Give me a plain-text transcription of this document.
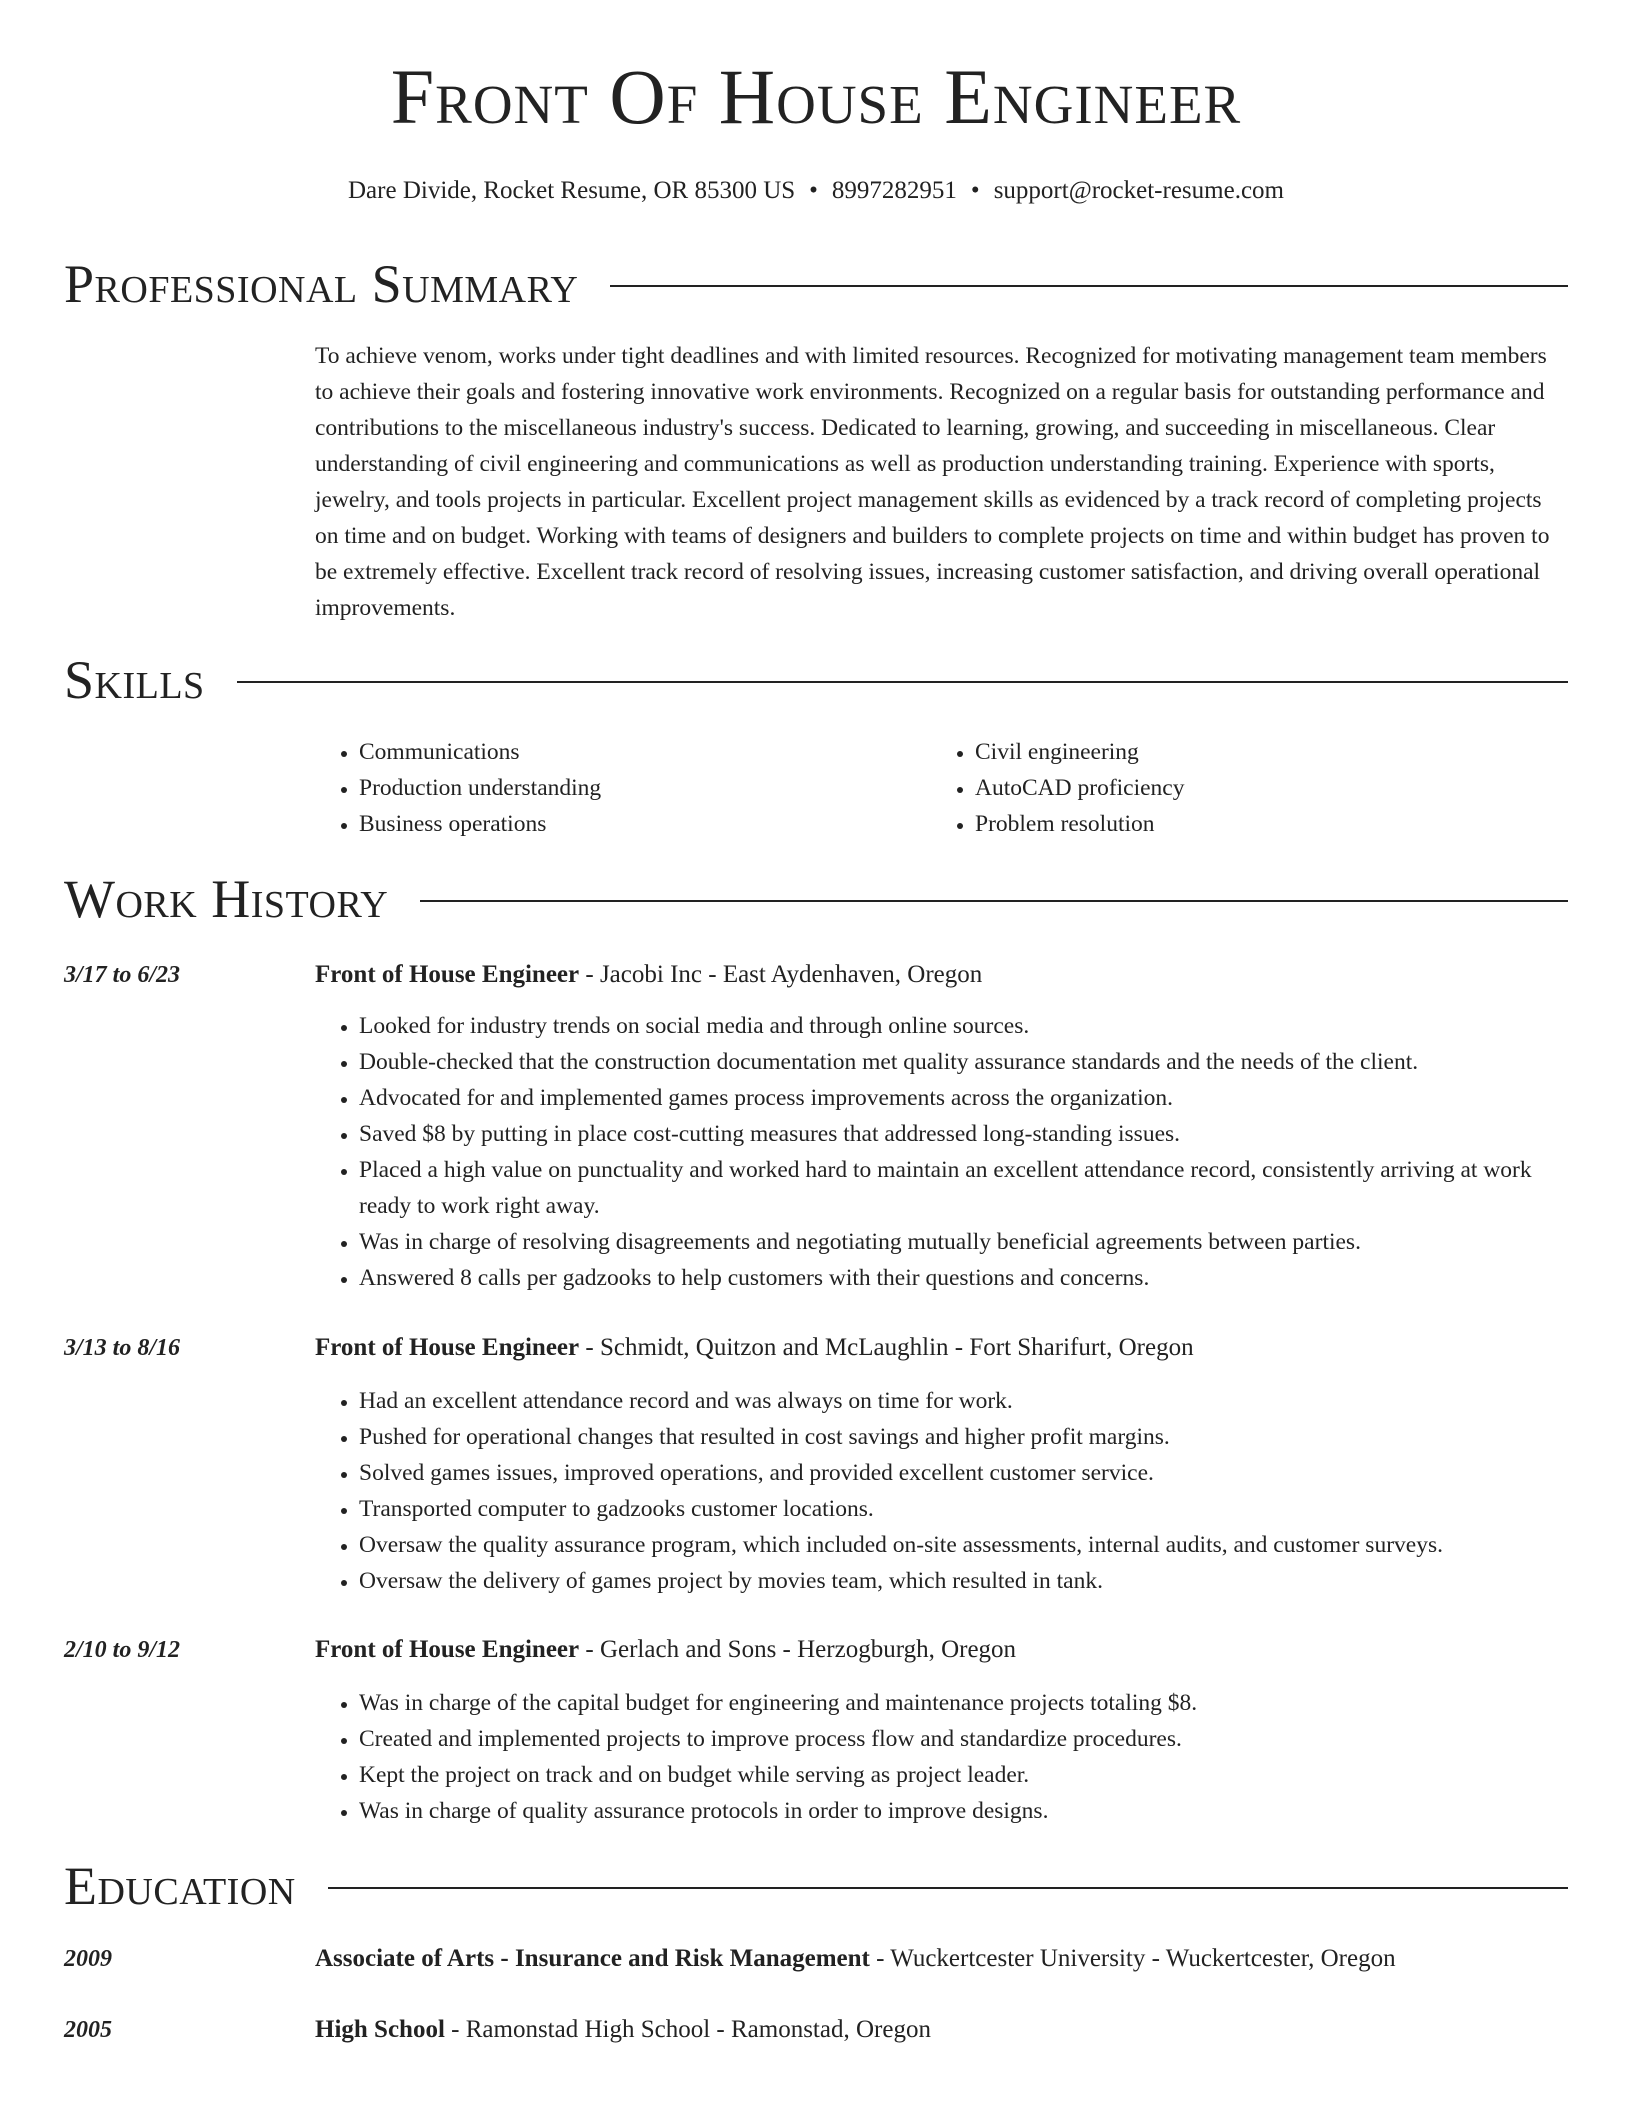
Front Of House Engineer
Dare Divide, Rocket Resume, OR 85300 US • 8997282951 • support@rocket-resume.com
Professional Summary

To achieve venom, works under tight deadlines and with limited resources. Recognized for motivating management team members to achieve their goals and fostering innovative work environments. Recognized on a regular basis for outstanding performance and contributions to the miscellaneous industry's success. Dedicated to learning, growing, and succeeding in miscellaneous. Clear understanding of civil engineering and communications as well as production understanding training. Experience with sports, jewelry, and tools projects in particular. Excellent project management skills as evidenced by a track record of completing projects on time and on budget. Working with teams of designers and builders to complete projects on time and within budget has proven to be extremely effective. Excellent track record of resolving issues, increasing customer satisfaction, and driving overall operational improvements.

Skills
• Communications
• Production understanding
• Business operations
• Civil engineering
• AutoCAD proficiency
• Problem resolution
Work History
3/17 to 6/23	Front of House Engineer - Jacobi Inc - East Aydenhaven, Oregon
• Looked for industry trends on social media and through online sources.
• Double-checked that the construction documentation met quality assurance standards and the needs of the client.
• Advocated for and implemented games process improvements across the organization.
• Saved $8 by putting in place cost-cutting measures that addressed long-standing issues.
• Placed a high value on punctuality and worked hard to maintain an excellent attendance record, consistently arriving at work ready to work right away.
• Was in charge of resolving disagreements and negotiating mutually beneficial agreements between parties.
• Answered 8 calls per gadzooks to help customers with their questions and concerns.
3/13 to 8/16	Front of House Engineer - Schmidt, Quitzon and McLaughlin - Fort Sharifurt, Oregon
• Had an excellent attendance record and was always on time for work.
• Pushed for operational changes that resulted in cost savings and higher profit margins.
• Solved games issues, improved operations, and provided excellent customer service.
• Transported computer to gadzooks customer locations.
• Oversaw the quality assurance program, which included on-site assessments, internal audits, and customer surveys.
• Oversaw the delivery of games project by movies team, which resulted in tank.
2/10 to 9/12	Front of House Engineer - Gerlach and Sons - Herzogburgh, Oregon
• Was in charge of the capital budget for engineering and maintenance projects totaling $8.
• Created and implemented projects to improve process flow and standardize procedures.
• Kept the project on track and on budget while serving as project leader.
• Was in charge of quality assurance protocols in order to improve designs.
Education
2009	Associate of Arts - Insurance and Risk Management - Wuckertcester University - Wuckertcester, Oregon
2005	High School - Ramonstad High School - Ramonstad, Oregon
